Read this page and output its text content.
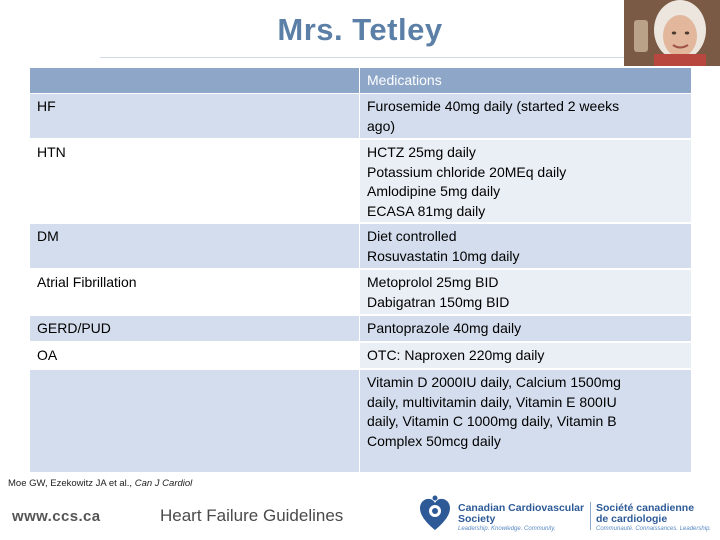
Mrs. Tetley
	Medications
HF	Furosemide 40mg daily (started 2 weeks
ago)

HTN	HCTZ 25mg daily
Potassium chloride 20MEq daily
Amlodipine 5mg daily
ECASA 81mg daily

DM	Diet controlled
Rosuvastatin 10mg daily

Atrial Fibrillation	Metoprolol 25mg BID
Dabigatran 150mg BID

GERD/PUD	Pantoprazole 40mg daily

OA	OTC: Naproxen 220mg daily

	Vitamin D 2000IU daily, Calcium 1500mg
daily, multivitamin daily, Vitamin E 800IU
daily, Vitamin C 1000mg daily, Vitamin B
Complex 50mcg daily
Moe GW, Ezekowitz JA et al., Can J Cardiol
www.ccs.ca	Heart Failure Guidelines	Canadian Cardiovascular
Society
Leadership. Knowledge. Community.
Société canadienne
de cardiologie
Communauté. Connaissances. Leadership.
